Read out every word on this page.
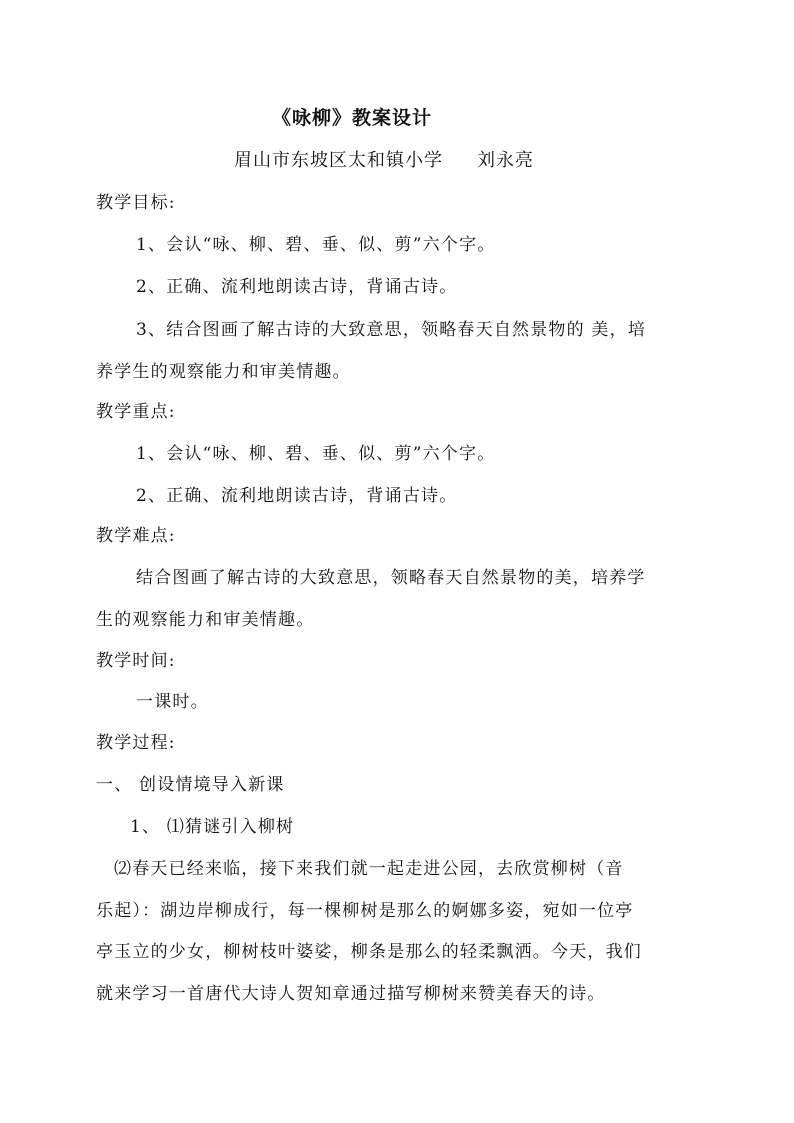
《咏柳》教案设计
眉山市东坡区太和镇小学 刘永亮
教学目标:
1、会认“咏、柳、碧、垂、似、剪”六个字。
2、正确、流利地朗读古诗，背诵古诗。
3、结合图画了解古诗的大致意思，领略春天自然景物的 美，培
养学生的观察能力和审美情趣。
教学重点:
1、会认“咏、柳、碧、垂、似、剪”六个字。
2、正确、流利地朗读古诗，背诵古诗。
教学难点:
结合图画了解古诗的大致意思，领略春天自然景物的美，培养学
生的观察能力和审美情趣。
教学时间:
一课时。
教学过程:
一、 创设情境导入新课
1、 ⑴猜谜引入柳树
⑵春天已经来临，接下来我们就一起走进公园，去欣赏柳树（音
乐起）：湖边岸柳成行，每一棵柳树是那么的婀娜多姿，宛如一位亭
亭玉立的少女，柳树枝叶婆娑，柳条是那么的轻柔飘洒。今天，我们
就来学习一首唐代大诗人贺知章通过描写柳树来赞美春天的诗。
